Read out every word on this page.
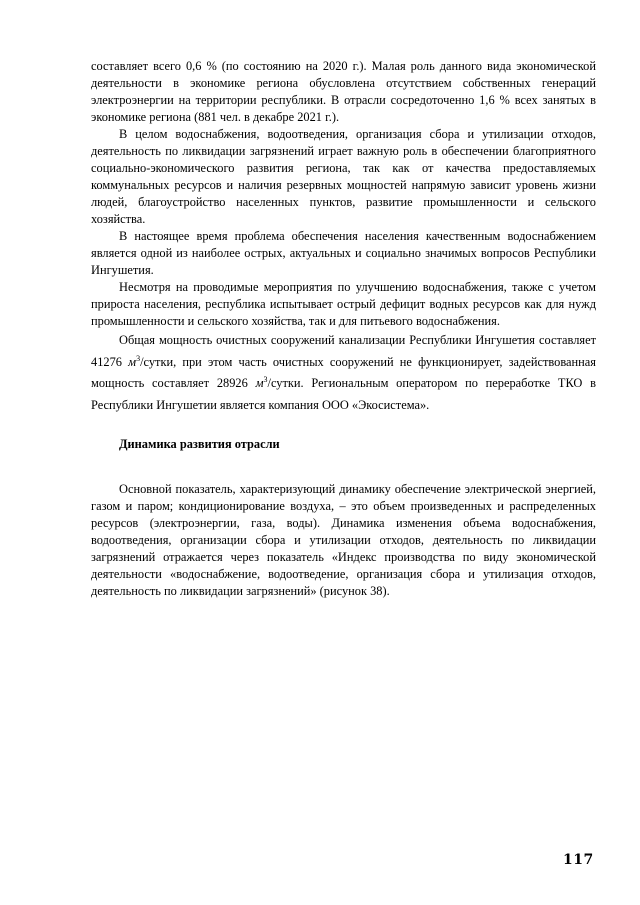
составляет всего 0,6 % (по состоянию на 2020 г.). Малая роль данного вида экономической деятельности в экономике региона обусловлена отсутствием собственных генераций электроэнергии на территории республики. В отрасли сосредоточенно 1,6 % всех занятых в экономике региона (881 чел. в декабре 2021 г.).

В целом водоснабжения, водоотведения, организация сбора и утилизации отходов, деятельность по ликвидации загрязнений играет важную роль в обеспечении благоприятного социально-экономического развития региона, так как от качества предоставляемых коммунальных ресурсов и наличия резервных мощностей напрямую зависит уровень жизни людей, благоустройство населенных пунктов, развитие промышленности и сельского хозяйства.

В настоящее время проблема обеспечения населения качественным водоснабжением является одной из наиболее острых, актуальных и социально значимых вопросов Республики Ингушетия.

Несмотря на проводимые мероприятия по улучшению водоснабжения, также с учетом прироста населения, республика испытывает острый дефицит водных ресурсов как для нужд промышленности и сельского хозяйства, так и для питьевого водоснабжения.

Общая мощность очистных сооружений канализации Республики Ингушетия составляет 41276 $м^3$/сутки, при этом часть очистных сооружений не функционирует, задействованная мощность составляет 28926 $м^3$/сутки. Региональным оператором по переработке ТКО в Республики Ингушетии является компания ООО «Экосистема».

Динамика развития отрасли

Основной показатель, характеризующий динамику обеспечение электрической энергией, газом и паром; кондиционирование воздуха, – это объем произведенных и распределенных ресурсов (электроэнергии, газа, воды). Динамика изменения объема водоснабжения, водоотведения, организации сбора и утилизации отходов, деятельность по ликвидации загрязнений отражается через показатель «Индекс производства по виду экономической деятельности «водоснабжение, водоотведение, организация сбора и утилизация отходов, деятельность по ликвидации загрязнений» (рисунок 38).

117
